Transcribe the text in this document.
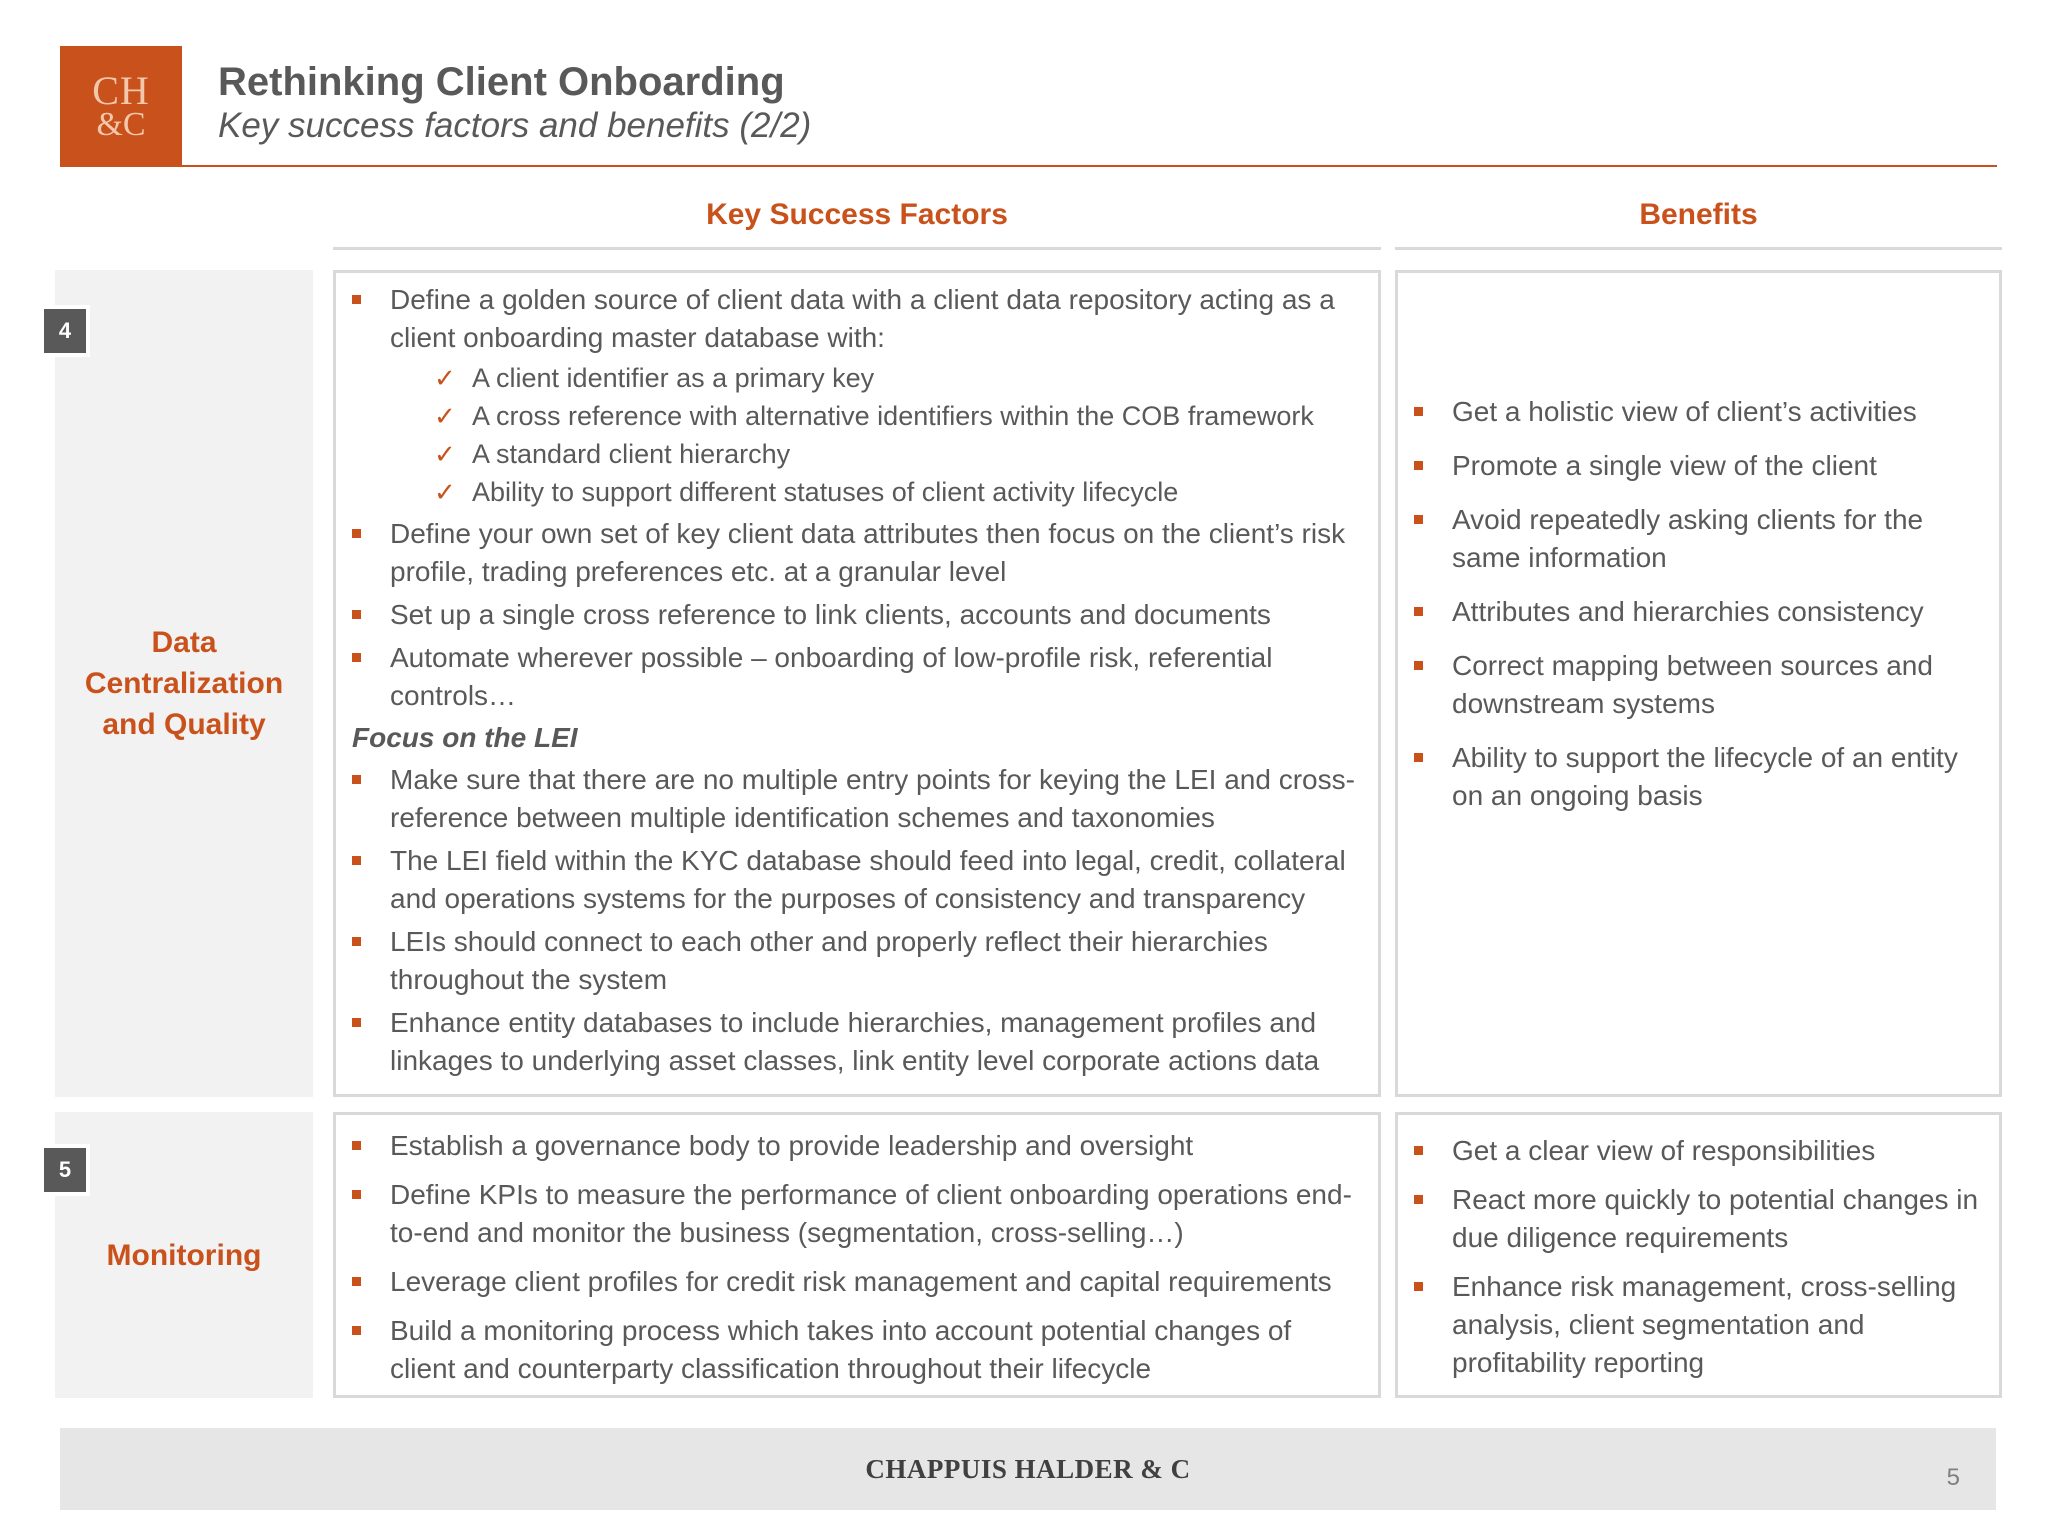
CH
&C
Rethinking Client Onboarding
Key success factors and benefits (2/2)
Key Success Factors	Benefits
Data Centralization and Quality
4
Define a golden source of client data with a client data repository acting as a client onboarding master database with:
✓ A client identifier as a primary key
✓ A cross reference with alternative identifiers within the COB framework
✓ A standard client hierarchy
✓ Ability to support different statuses of client activity lifecycle
Define your own set of key client data attributes then focus on the client’s risk profile, trading preferences etc. at a granular level
Set up a single cross reference to link clients, accounts and documents
Automate wherever possible – onboarding of low-profile risk, referential controls…
Focus on the LEI
Make sure that there are no multiple entry points for keying the LEI and cross-reference between multiple identification schemes and taxonomies
The LEI field within the KYC database should feed into legal, credit, collateral and operations systems for the purposes of consistency and transparency
LEIs should connect to each other and properly reflect their hierarchies throughout the system
Enhance entity databases to include hierarchies, management profiles and linkages to underlying asset classes, link entity level corporate actions data
Get a holistic view of client’s activities
Promote a single view of the client
Avoid repeatedly asking clients for the same information
Attributes and hierarchies consistency
Correct mapping between sources and downstream systems
Ability to support the lifecycle of an entity on an ongoing basis
Monitoring
5
Establish a governance body to provide leadership and oversight
Define KPIs to measure the performance of client onboarding operations end-to-end and monitor the business (segmentation, cross-selling…)
Leverage client profiles for credit risk management and capital requirements
Build a monitoring process which takes into account potential changes of client and counterparty classification throughout their lifecycle
Get a clear view of responsibilities
React more quickly to potential changes in due diligence requirements
Enhance risk management, cross-selling analysis, client segmentation and profitability reporting
CHAPPUIS HALDER & C	5
